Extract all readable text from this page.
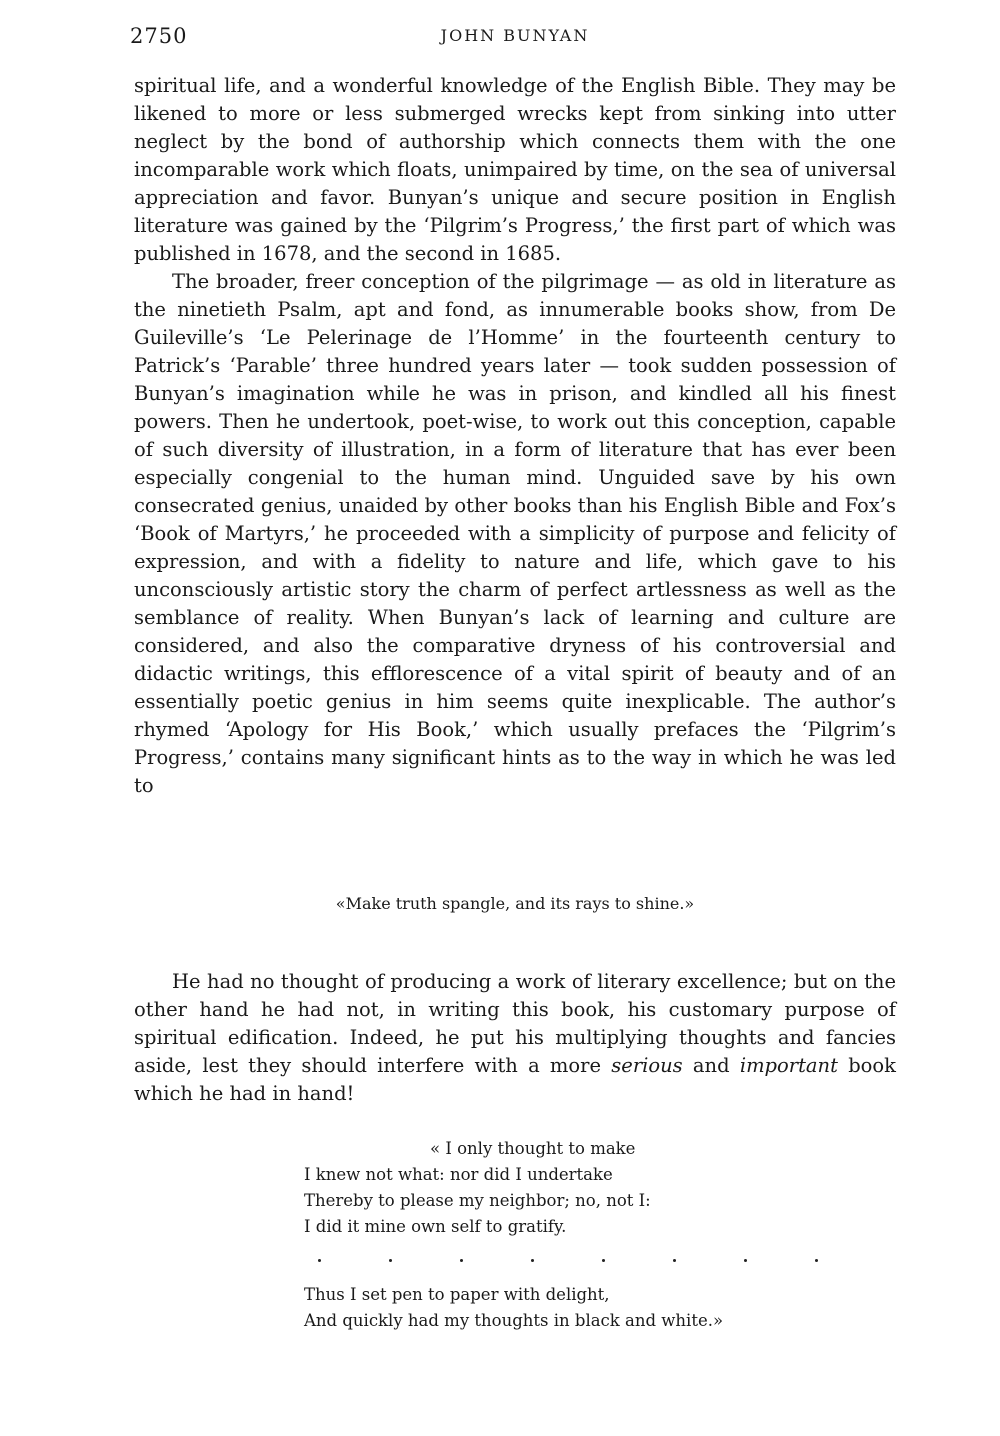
2750	JOHN BUNYAN

spiritual life, and a wonderful knowledge of the English Bible. They may be likened to more or less submerged wrecks kept from sinking into utter neglect by the bond of authorship which connects them with the one incomparable work which floats, unimpaired by time, on the sea of universal appreciation and favor. Bunyan’s unique and secure position in English literature was gained by the ‘Pilgrim’s Progress,’ the first part of which was published in 1678, and the second in 1685.

The broader, freer conception of the pilgrimage — as old in literature as the ninetieth Psalm, apt and fond, as innumerable books show, from De Guileville’s ‘Le Pelerinage de l’Homme’ in the fourteenth century to Patrick’s ‘Parable’ three hundred years later — took sudden possession of Bunyan’s imagination while he was in prison, and kindled all his finest powers. Then he undertook, poet-wise, to work out this conception, capable of such diversity of illustration, in a form of literature that has ever been especially congenial to the human mind. Unguided save by his own consecrated genius, unaided by other books than his English Bible and Fox’s ‘Book of Martyrs,’ he proceeded with a simplicity of purpose and felicity of expression, and with a fidelity to nature and life, which gave to his unconsciously artistic story the charm of perfect artlessness as well as the semblance of reality. When Bunyan’s lack of learning and culture are considered, and also the comparative dryness of his controversial and didactic writings, this efflorescence of a vital spirit of beauty and of an essentially poetic genius in him seems quite inexplicable. The author’s rhymed ‘Apology for His Book,’ which usually prefaces the ‘Pilgrim’s Progress,’ contains many significant hints as to the way in which he was led to

«Make truth spangle, and its rays to shine.»

He had no thought of producing a work of literary excellence; but on the other hand he had not, in writing this book, his customary purpose of spiritual edification. Indeed, he put his multiplying thoughts and fancies aside, lest they should interfere with a more serious and important book which he had in hand!

« I only thought to make
I knew not what: nor did I undertake
Thereby to please my neighbor; no, not I:
I did it mine own self to gratify.
Thus I set pen to paper with delight,
And quickly had my thoughts in black and white.»
